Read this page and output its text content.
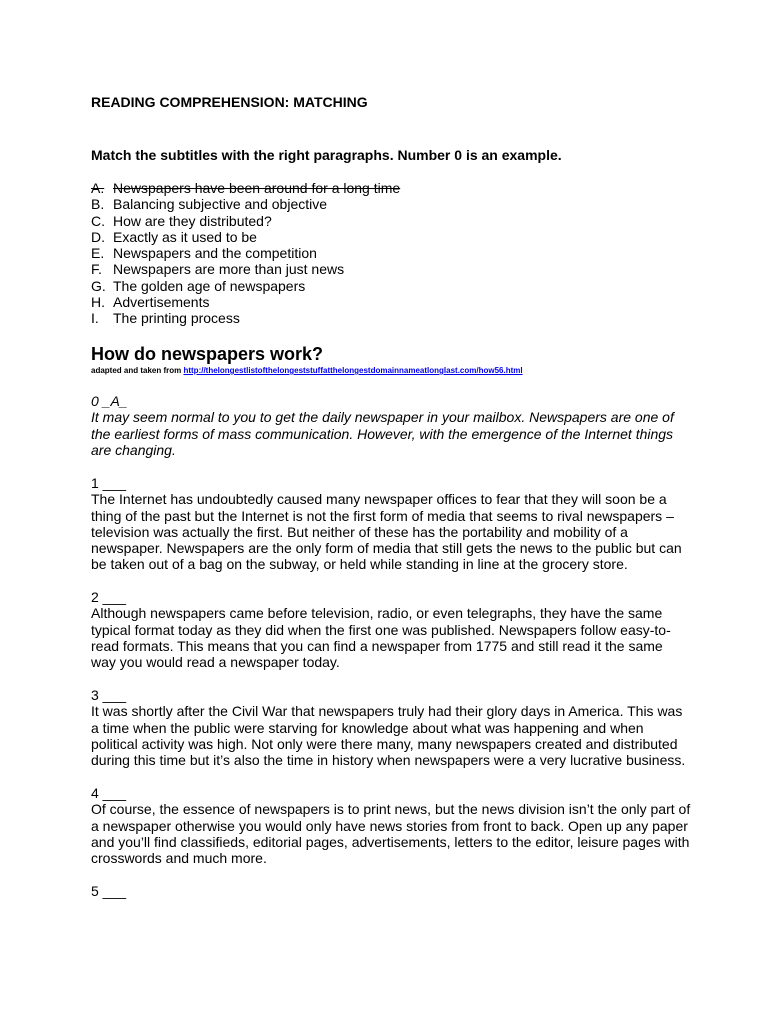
READING COMPREHENSION: MATCHING

Match the subtitles with the right paragraphs. Number 0 is an example.

A. Newspapers have been around for a long time
B. Balancing subjective and objective
C. How are they distributed?
D. Exactly as it used to be
E. Newspapers and the competition
F. Newspapers are more than just news
G. The golden age of newspapers
H. Advertisements
I.	The printing process
How do newspapers work?

adapted and taken from http://thelongestlistofthelongeststuffatthelongestdomainnameatlonglast.com/how56.html

0 _A_
It may seem normal to you to get the daily newspaper in your mailbox. Newspapers are one of the earliest forms of mass communication. However, with the emergence of the Internet things are changing.
1 ___
The Internet has undoubtedly caused many newspaper offices to fear that they will soon be a thing of the past but the Internet is not the first form of media that seems to rival newspapers – television was actually the first. But neither of these has the portability and mobility of a newspaper. Newspapers are the only form of media that still gets the news to the public but can be taken out of a bag on the subway, or held while standing in line at the grocery store.
2 ___
Although newspapers came before television, radio, or even telegraphs, they have the same typical format today as they did when the first one was published. Newspapers follow easy-to-read formats. This means that you can find a newspaper from 1775 and still read it the same way you would read a newspaper today.
3 ___
It was shortly after the Civil War that newspapers truly had their glory days in America. This was a time when the public were starving for knowledge about what was happening and when political activity was high. Not only were there many, many newspapers created and distributed during this time but it’s also the time in history when newspapers were a very lucrative business.
4 ___
Of course, the essence of newspapers is to print news, but the news division isn’t the only part of a newspaper otherwise you would only have news stories from front to back. Open up any paper and you’ll find classifieds, editorial pages, advertisements, letters to the editor, leisure pages with crosswords and much more.
5 ___
